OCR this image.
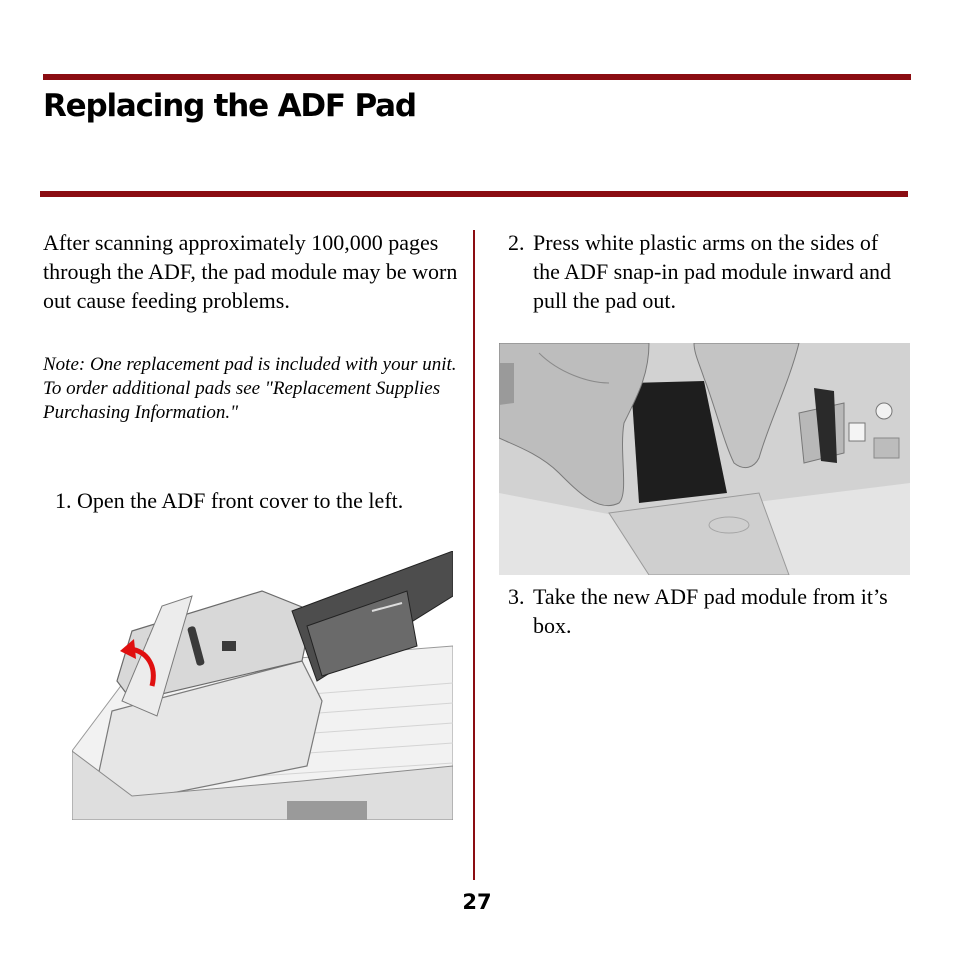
Replacing the ADF Pad

After scanning approximately 100,000 pages through the ADF, the pad module may be worn out cause feeding problems.

Note: One replacement pad is included with your unit. To order additional pads see "Replacement Supplies Purchasing Information."

1.
Open the ADF front cover to the left.
2. Press white plastic arms on the sides of the ADF snap-in pad module inward and pull the pad out.
3. Take the new ADF pad module from it’s box.
27
